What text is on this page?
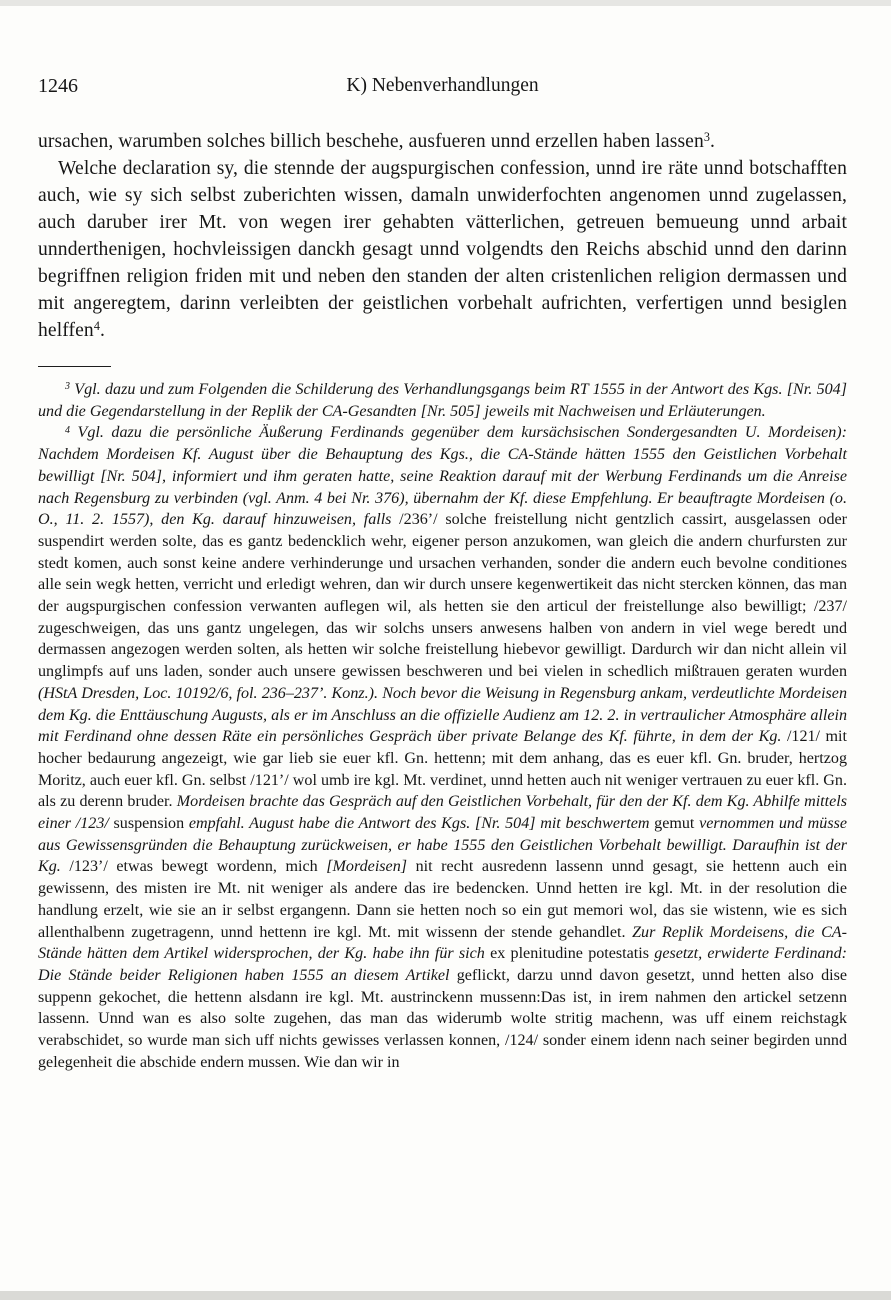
1246	K) Nebenverhandlungen

ursachen, warumben solches billich beschehe, ausfueren unnd erzellen haben lassen$^3$.

Welche declaration sy, die stennde der augspurgischen confession, unnd ire räte unnd botschafften auch, wie sy sich selbst zuberichten wissen, damaln unwiderfochten angenomen unnd zugelassen, auch daruber irer Mt. von wegen irer gehabten vätterlichen, getreuen bemueung unnd arbait unnderthenigen, hochvleissigen danckh gesagt unnd volgendts den Reichs abschid unnd den darinn begriffnen religion friden mit und neben den standen der alten cristenlichen religion dermassen und mit angeregtem, darinn verleibten der geistlichen vorbehalt aufrichten, verfertigen unnd besiglen helffen$^4$.

$^3$ Vgl. dazu und zum Folgenden die Schilderung des Verhandlungsgangs beim RT 1555 in der Antwort des Kgs. [Nr. 504] und die Gegendarstellung in der Replik der CA-Gesandten [Nr. 505] jeweils mit Nachweisen und Erläuterungen.

$^4$ Vgl. dazu die persönliche Äußerung Ferdinands gegenüber dem kursächsischen Sondergesandten U. Mordeisen): Nachdem Mordeisen Kf. August über die Behauptung des Kgs., die CA-Stände hätten 1555 den Geistlichen Vorbehalt bewilligt [Nr. 504], informiert und ihm geraten hatte, seine Reaktion darauf mit der Werbung Ferdinands um die Anreise nach Regensburg zu verbinden (vgl. Anm. 4 bei Nr. 376), übernahm der Kf. diese Empfehlung. Er beauftragte Mordeisen (o. O., 11. 2. 1557), den Kg. darauf hinzuweisen, falls /236’/ solche freistellung nicht gentzlich cassirt, ausgelassen oder suspendirt werden solte, das es gantz bedencklich wehr, eigener person anzukomen, wan gleich die andern churfursten zur stedt komen, auch sonst keine andere verhinderunge und ursachen verhanden, sonder die andern euch bevolne conditiones alle sein wegk hetten, verricht und erledigt wehren, dan wir durch unsere kegenwertikeit das nicht stercken können, das man der augspurgischen confession verwanten auflegen wil, als hetten sie den articul der freistellunge also bewilligt; /237/ zugeschweigen, das uns gantz ungelegen, das wir solchs unsers anwesens halben von andern in viel wege beredt und dermassen angezogen werden solten, als hetten wir solche freistellung hiebevor gewilligt. Dardurch wir dan nicht allein vil unglimpfs auf uns laden, sonder auch unsere gewissen beschweren und bei vielen in schedlich mißtrauen geraten wurden (HStA Dresden, Loc. 10192/6, fol. 236–237’. Konz.). Noch bevor die Weisung in Regensburg ankam, verdeutlichte Mordeisen dem Kg. die Enttäuschung Augusts, als er im Anschluss an die offizielle Audienz am 12. 2. in vertraulicher Atmosphäre allein mit Ferdinand ohne dessen Räte ein persönliches Gespräch über private Belange des Kf. führte, in dem der Kg. /121/ mit hocher bedaurung angezeigt, wie gar lieb sie euer kfl. Gn. hettenn; mit dem anhang, das es euer kfl. Gn. bruder, hertzog Moritz, auch euer kfl. Gn. selbst /121’/ wol umb ire kgl. Mt. verdinet, unnd hetten auch nit weniger vertrauen zu euer kfl. Gn. als zu derenn bruder. Mordeisen brachte das Gespräch auf den Geistlichen Vorbehalt, für den der Kf. dem Kg. Abhilfe mittels einer /123/ suspension empfahl. August habe die Antwort des Kgs. [Nr. 504] mit beschwertem gemut vernommen und müsse aus Gewissensgründen die Behauptung zurückweisen, er habe 1555 den Geistlichen Vorbehalt bewilligt. Daraufhin ist der Kg. /123’/ etwas bewegt wordenn, mich [Mordeisen] nit recht ausredenn lassenn unnd gesagt, sie hettenn auch ein gewissenn, des misten ire Mt. nit weniger als andere das ire bedencken. Unnd hetten ire kgl. Mt. in der resolution die handlung erzelt, wie sie an ir selbst ergangenn. Dann sie hetten noch so ein gut memori wol, das sie wistenn, wie es sich allenthalbenn zugetragenn, unnd hettenn ire kgl. Mt. mit wissenn der stende gehandlet. Zur Replik Mordeisens, die CA-Stände hätten dem Artikel widersprochen, der Kg. habe ihn für sich ex plenitudine potestatis gesetzt, erwiderte Ferdinand: Die Stände beider Religionen haben 1555 an diesem Artikel geflickt, darzu unnd davon gesetzt, unnd hetten also dise suppenn gekochet, die hettenn alsdann ire kgl. Mt. austrinckenn mussenn:Das ist, in irem nahmen den artickel setzenn lassenn. Unnd wan es also solte zugehen, das man das widerumb wolte stritig machenn, was uff einem reichstagk verabschidet, so wurde man sich uff nichts gewisses verlassen konnen, /124/ sonder einem idenn nach seiner begirden unnd gelegenheit die abschide endern mussen. Wie dan wir in
